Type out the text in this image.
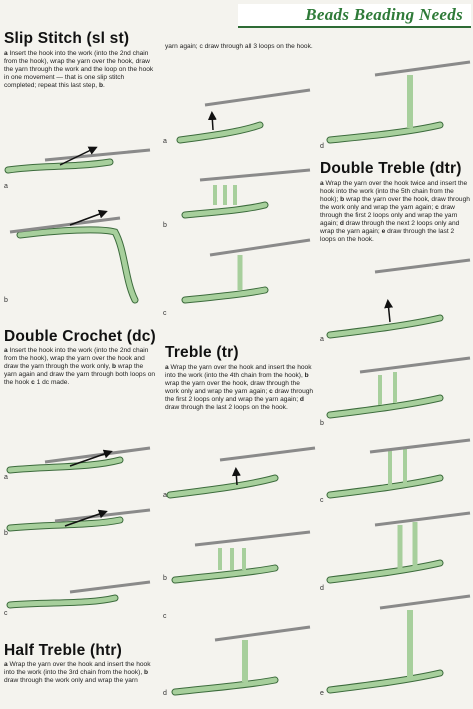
Beads Beading Needs
Slip Stitch (sl st)
a Insert the hook into the work (into the 2nd chain from the hook), wrap the yarn over the hook, draw the yarn through the work and the loop on the hook in one movement — that is one slip stitch completed; repeat this last step, b.
a
b
Double Crochet (dc)
a Insert the hook into the work (into the 2nd chain from the hook), wrap the yarn over the hook and draw the yarn through the work only, b wrap the yarn again and draw the yarn through both loops on the hook c 1 dc made.
a
b
c
Half Treble (htr)
a Wrap the yarn over the hook and insert the hook into the work (into the 3rd chain from the hook), b draw through the work only and wrap the yarn
yarn again; c draw through all 3 loops on the hook.
a
b
c
Treble (tr)
a Wrap the yarn over the hook and insert the hook into the work (into the 4th chain from the hook), b wrap the yarn over the hook, draw through the work only and wrap the yarn again; c draw through the first 2 loops only and wrap the yarn again; d draw through the last 2 loops on the hook.
a
b
c
d
d
Double Treble (dtr)
a Wrap the yarn over the hook twice and insert the hook into the work (into the 5th chain from the hook); b wrap the yarn over the hook, draw through the work only and wrap the yarn again; c draw through the first 2 loops only and wrap the yarn again; d draw through the next 2 loops only and wrap the yarn again; e draw through the last 2 loops on the hook.
a
b
c
d
e
